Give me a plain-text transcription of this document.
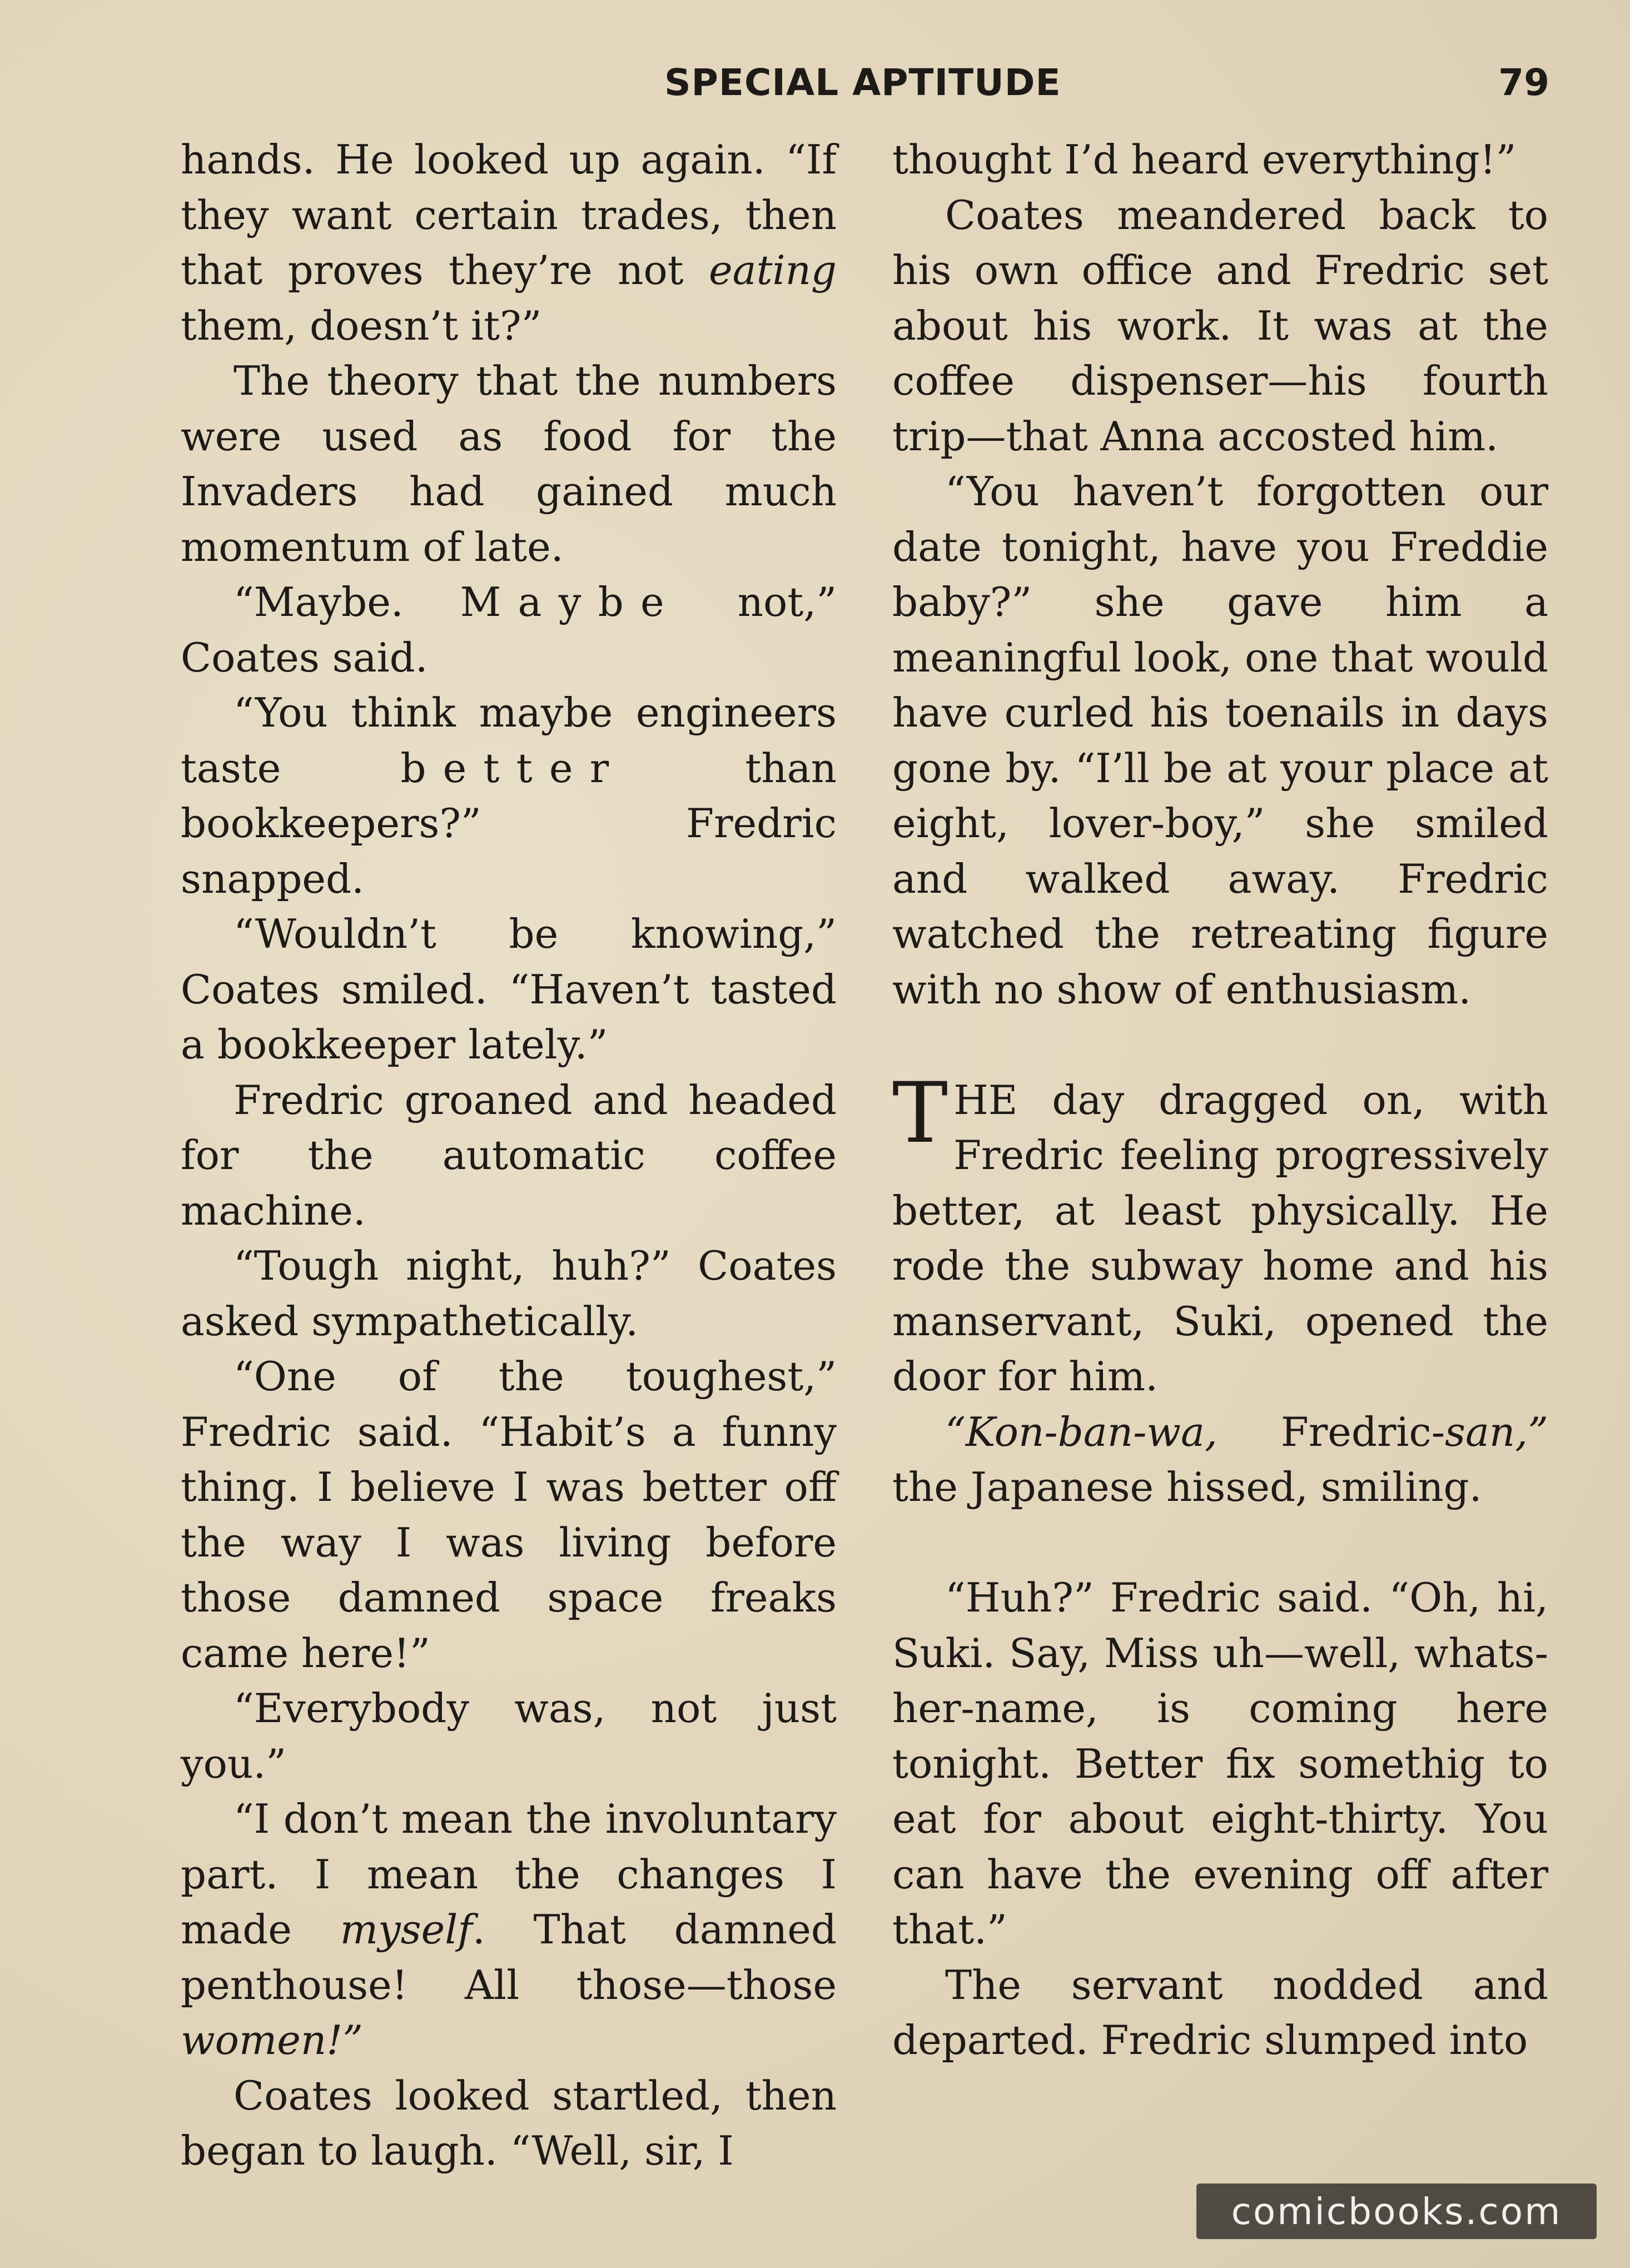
SPECIAL APTITUDE	79

hands. He looked up again. “If they want certain trades, then that proves they’re not eating them, doesn’t it?”

The theory that the numbers were used as food for the Invaders had gained much momentum of late.

“Maybe. Maybe not,” Coates said.

“You think maybe engineers taste better than bookkeepers?” Fredric snapped.

“Wouldn’t be knowing,” Coates smiled. “Haven’t tasted a bookkeeper lately.”

Fredric groaned and headed for the automatic coffee machine.

“Tough night, huh?” Coates asked sympathetically.

“One of the toughest,” Fredric said. “Habit’s a funny thing. I believe I was better off the way I was living before those damned space freaks came here!”

“Everybody was, not just you.”

“I don’t mean the involuntary part. I mean the changes I made myself. That damned penthouse! All those—those women!”

Coates looked startled, then began to laugh. “Well, sir, I

thought I’d heard everything!”

Coates meandered back to his own office and Fredric set about his work. It was at the coffee dispenser—his fourth trip—that Anna accosted him.

“You haven’t forgotten our date tonight, have you Freddie baby?” she gave him a meaningful look, one that would have curled his toenails in days gone by. “I’ll be at your place at eight, lover-boy,” she smiled and walked away. Fredric watched the retreating figure with no show of enthusiasm.

THE day dragged on, with Fredric feeling progressively better, at least physically. He rode the subway home and his manservant, Suki, opened the door for him.

“Kon-ban-wa, Fredric-san,” the Japanese hissed, smiling.

“Huh?” Fredric said. “Oh, hi, Suki. Say, Miss uh—well, whats-her-name, is coming here tonight. Better fix somethig to eat for about eight-thirty. You can have the evening off after that.”

The servant nodded and departed. Fredric slumped into

comicbooks.com
